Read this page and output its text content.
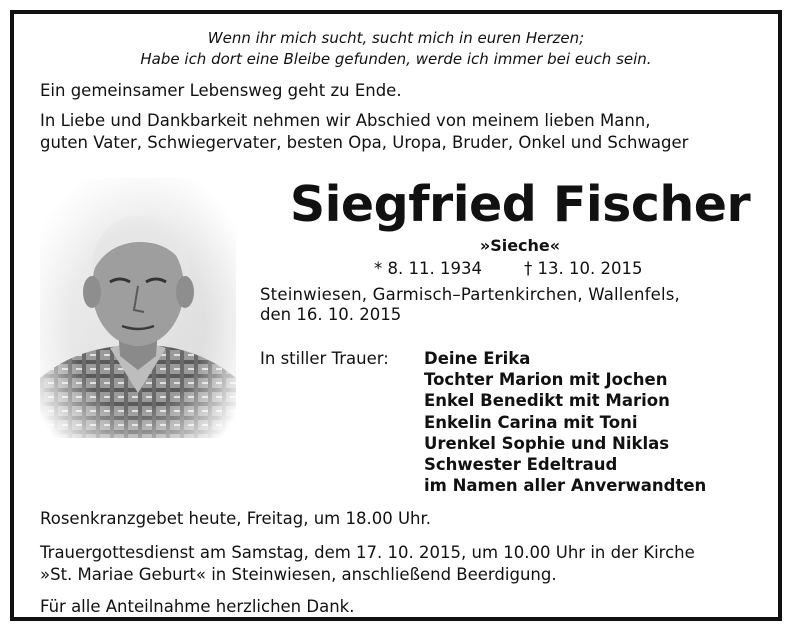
Wenn ihr mich sucht, sucht mich in euren Herzen;
Habe ich dort eine Bleibe gefunden, werde ich immer bei euch sein.
Ein gemeinsamer Lebensweg geht zu Ende.
In Liebe und Dankbarkeit nehmen wir Abschied von meinem lieben Mann,
guten Vater, Schwiegervater, besten Opa, Uropa, Bruder, Onkel und Schwager
Siegfried Fischer
»Sieche«
* 8. 11. 1934	† 13. 10. 2015
Steinwiesen, Garmisch–Partenkirchen, Wallenfels,
den 16. 10. 2015
In stiller Trauer: Deine Erika
Tochter Marion mit Jochen
Enkel Benedikt mit Marion
Enkelin Carina mit Toni
Urenkel Sophie und Niklas
Schwester Edeltraud
im Namen aller Anverwandten
Rosenkranzgebet heute, Freitag, um 18.00 Uhr.
Trauergottesdienst am Samstag, dem 17. 10. 2015, um 10.00 Uhr in der Kirche
»St. Mariae Geburt« in Steinwiesen, anschließend Beerdigung.
Für alle Anteilnahme herzlichen Dank.
